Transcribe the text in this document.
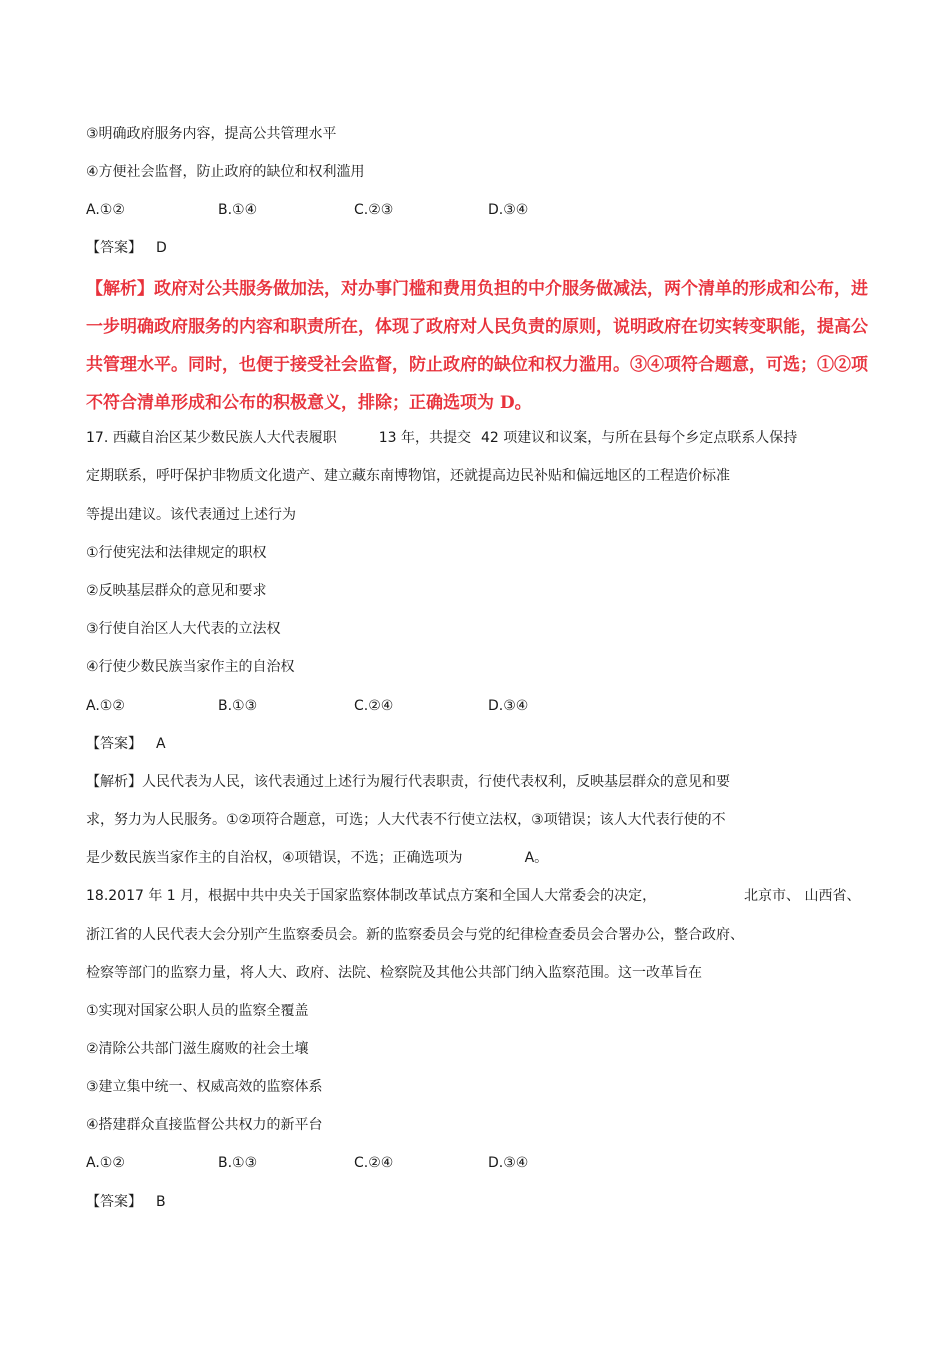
③明确政府服务内容，提高公共管理水平
④方便社会监督，防止政府的缺位和权利滥用
A.①②	B.①④	C.②③	D.③④
【答案】 D
【解析】政府对公共服务做加法，对办事门槛和费用负担的中介服务做减法，两个清单的形成和公布，进
一步明确政府服务的内容和职责所在，体现了政府对人民负责的原则，说明政府在切实转变职能，提高公
共管理水平。同时，也便于接受社会监督，防止政府的缺位和权力滥用。③④项符合题意，可选；①②项
不符合清单形成和公布的积极意义，排除；正确选项为 D。
17. 西藏自治区某少数民族人大代表履职	13 年，共提交 42 项建议和议案，与所在县每个乡定点联系人保持
定期联系，呼吁保护非物质文化遗产、建立藏东南博物馆，还就提高边民补贴和偏远地区的工程造价标准
等提出建议。该代表通过上述行为
①行使宪法和法律规定的职权
②反映基层群众的意见和要求
③行使自治区人大代表的立法权
④行使少数民族当家作主的自治权
A.①②	B.①③	C.②④	D.③④
【答案】 A
【解析】人民代表为人民，该代表通过上述行为履行代表职责，行使代表权利，反映基层群众的意见和要
求，努力为人民服务。①②项符合题意，可选；人大代表不行使立法权，③项错误；该人大代表行使的不
是少数民族当家作主的自治权，④项错误，不选；正确选项为	A。
18.2017 年 1 月，根据中共中央关于国家监察体制改革试点方案和全国人大常委会的决定，	北京市、 山西省、
浙江省的人民代表大会分别产生监察委员会。新的监察委员会与党的纪律检查委员会合署办公，整合政府、
检察等部门的监察力量，将人大、政府、法院、检察院及其他公共部门纳入监察范围。这一改革旨在
①实现对国家公职人员的监察全覆盖
②清除公共部门滋生腐败的社会土壤
③建立集中统一、权威高效的监察体系
④搭建群众直接监督公共权力的新平台
A.①②	B.①③	C.②④	D.③④
【答案】 B
